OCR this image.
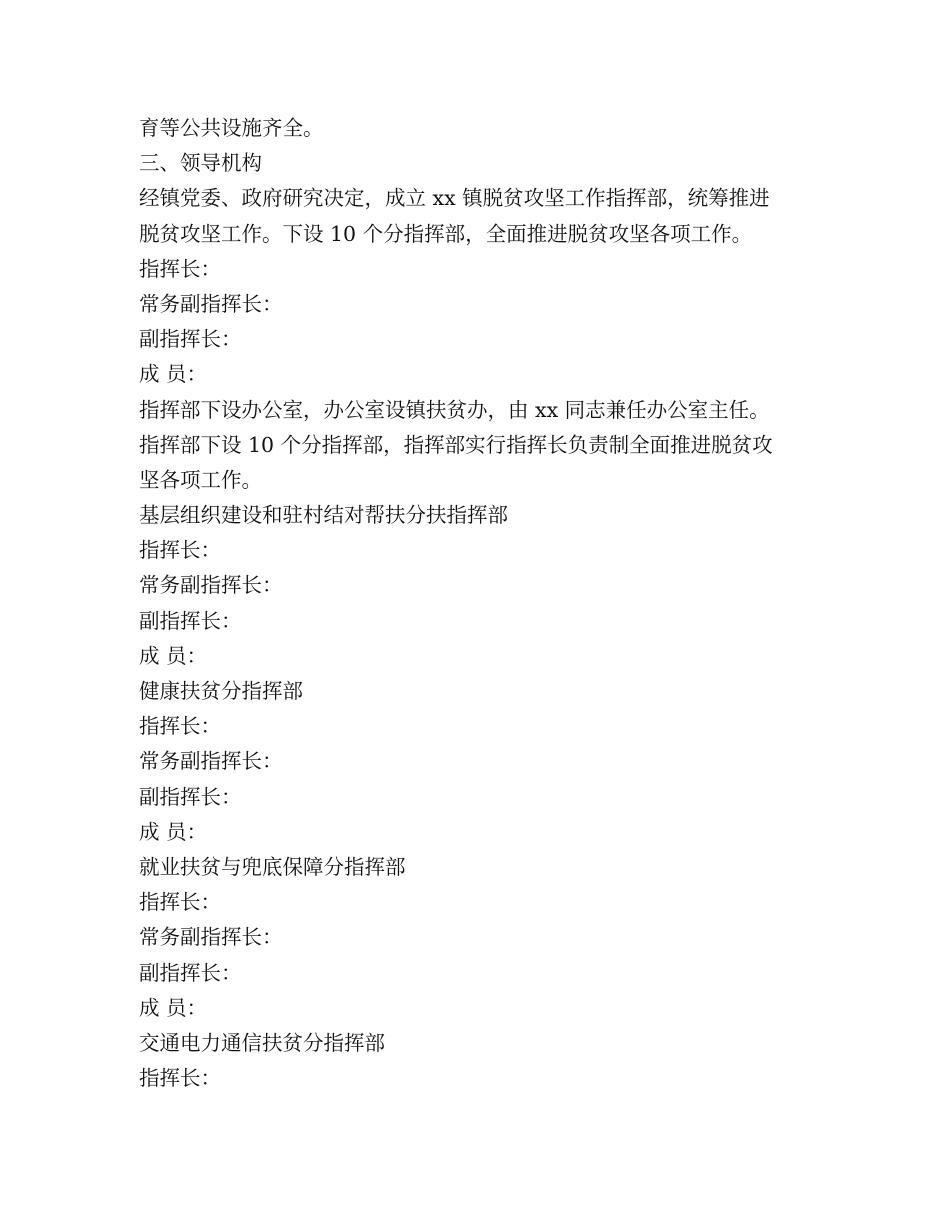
育等公共设施齐全。
三、领导机构
经镇党委、政府研究决定，成立 xx 镇脱贫攻坚工作指挥部，统筹推进
脱贫攻坚工作。下设 10 个分指挥部，全面推进脱贫攻坚各项工作。
指挥长：
常务副指挥长：
副指挥长：
成 员：
指挥部下设办公室，办公室设镇扶贫办，由 xx 同志兼任办公室主任。
指挥部下设 10 个分指挥部，指挥部实行指挥长负责制全面推进脱贫攻
坚各项工作。
基层组织建设和驻村结对帮扶分扶指挥部
指挥长：
常务副指挥长：
副指挥长：
成 员：
健康扶贫分指挥部
指挥长：
常务副指挥长：
副指挥长：
成 员：
就业扶贫与兜底保障分指挥部
指挥长：
常务副指挥长：
副指挥长：
成 员：
交通电力通信扶贫分指挥部
指挥长：
